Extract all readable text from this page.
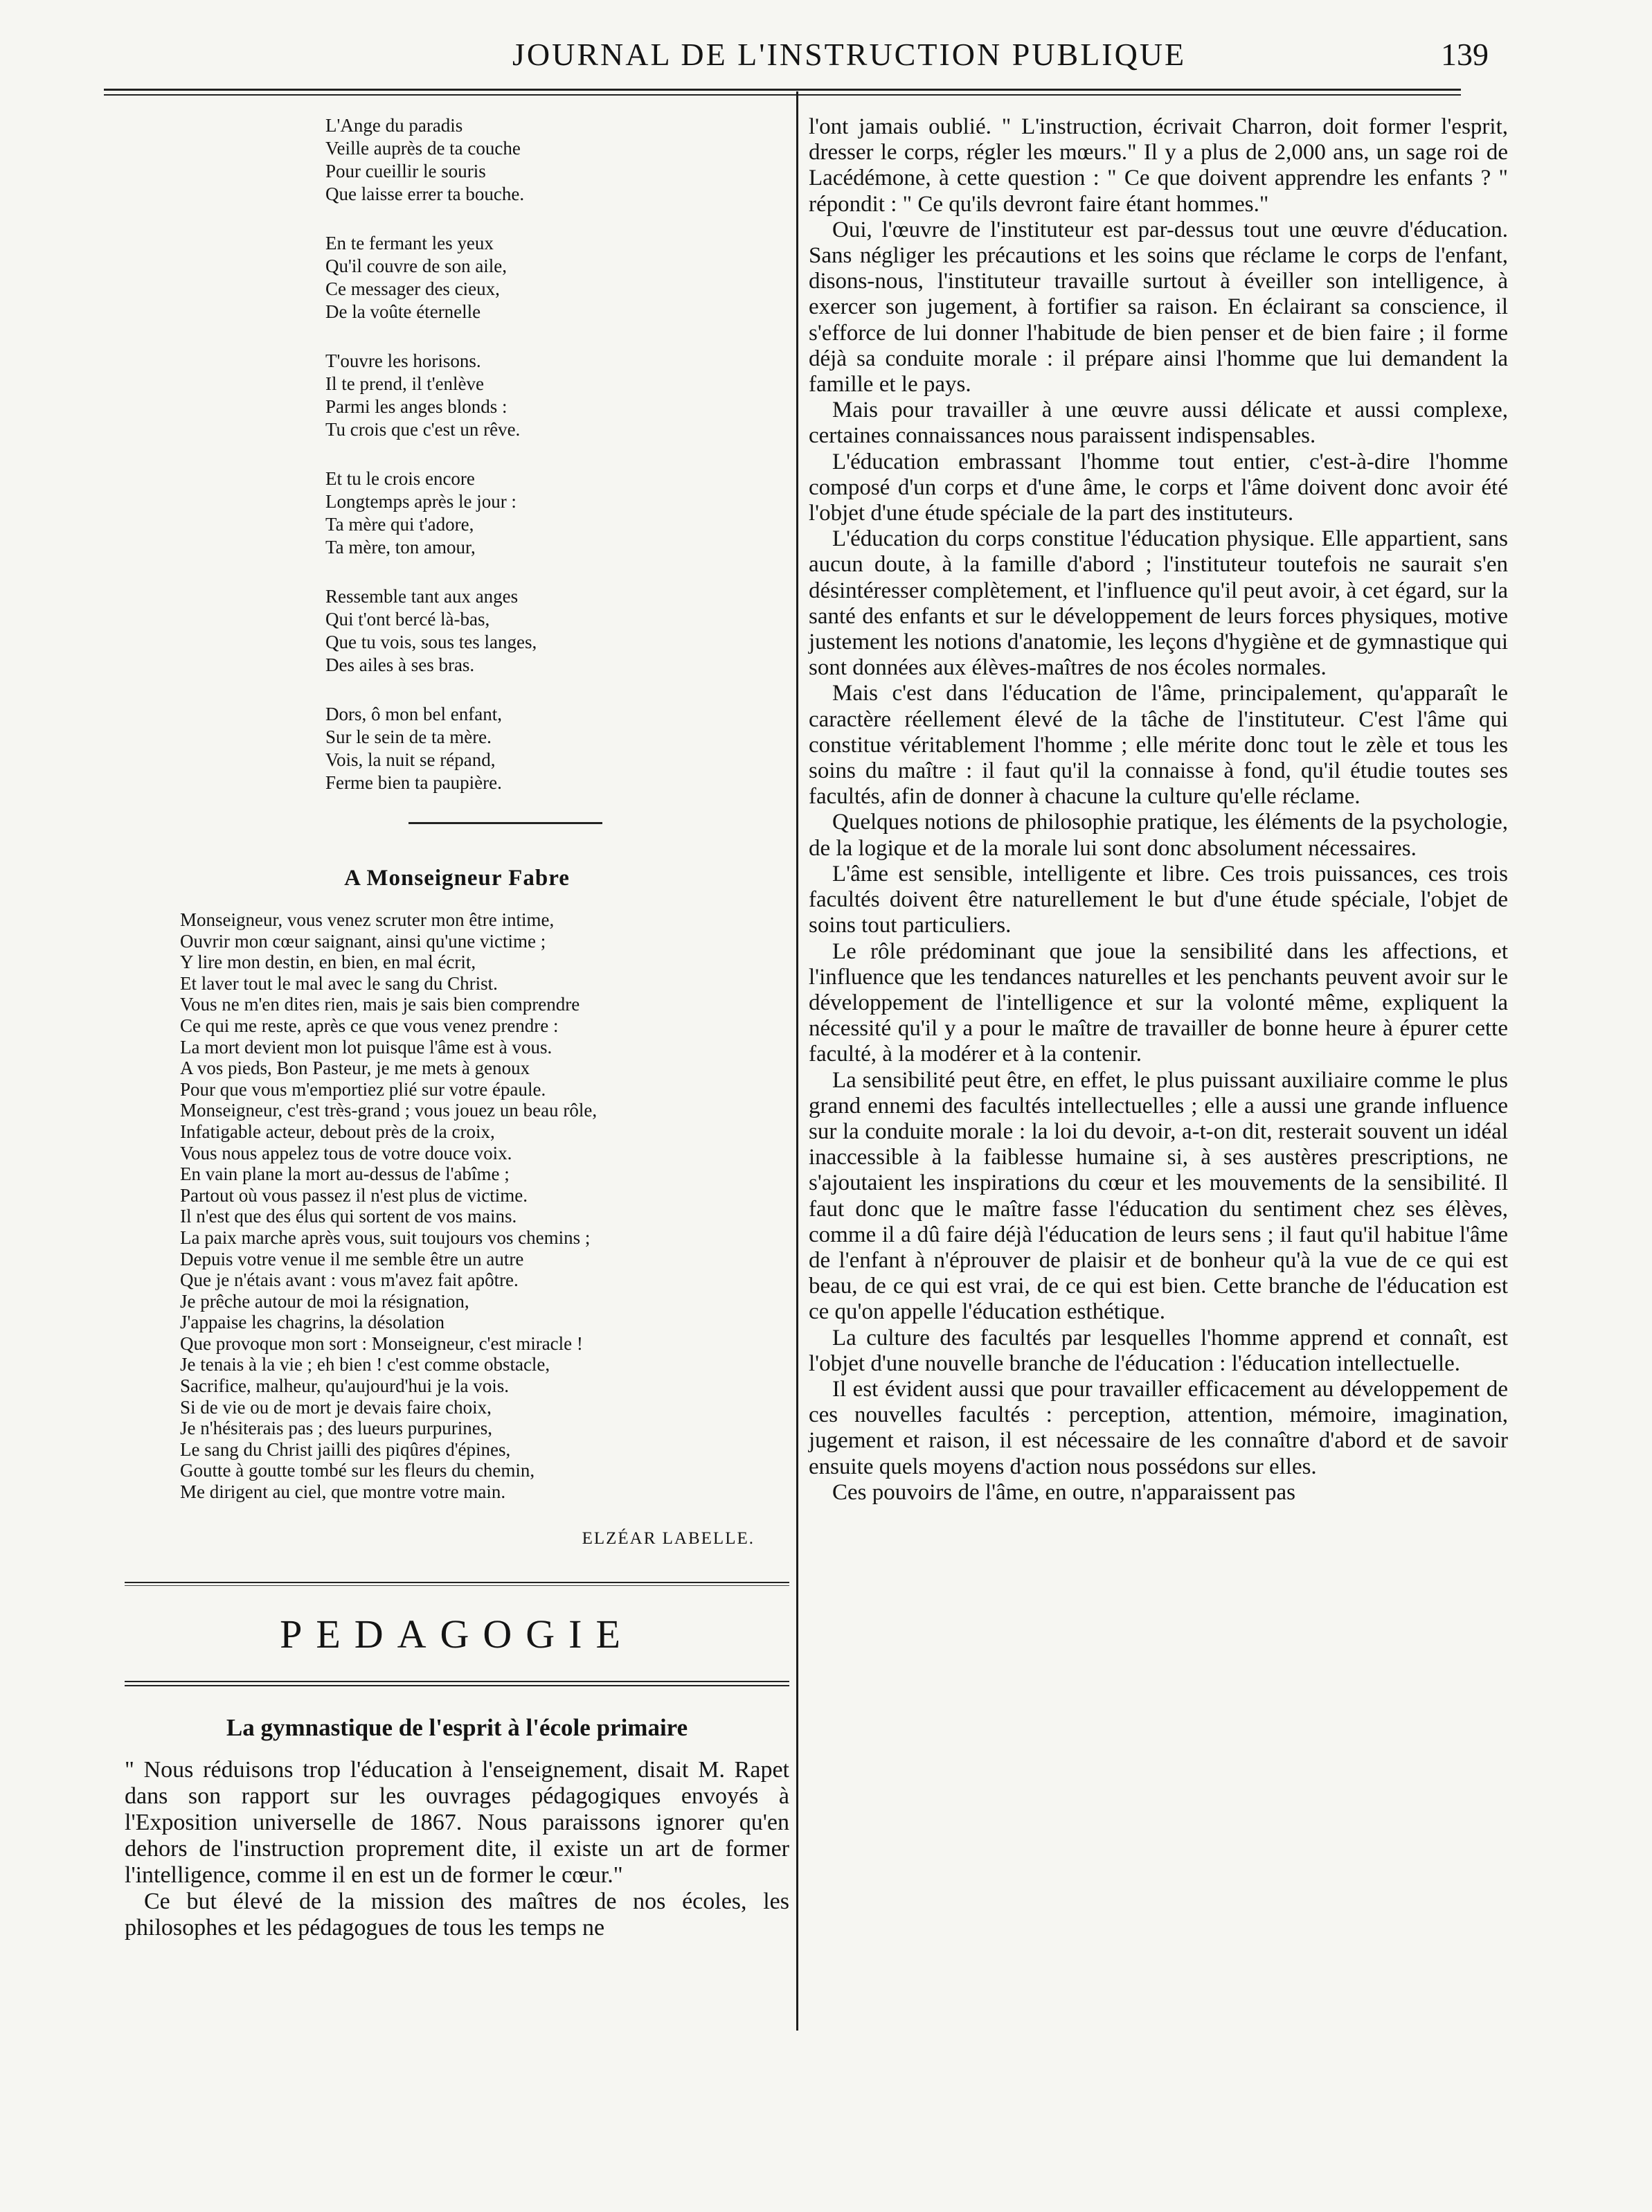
JOURNAL DE L'INSTRUCTION PUBLIQUE	139
L'Ange du paradis
Veille auprès de ta couche
Pour cueillir le souris
Que laisse errer ta bouche.
En te fermant les yeux
Qu'il couvre de son aile,
Ce messager des cieux,
De la voûte éternelle
T'ouvre les horisons.
Il te prend, il t'enlève
Parmi les anges blonds :
Tu crois que c'est un rêve.
Et tu le crois encore
Longtemps après le jour :
Ta mère qui t'adore,
Ta mère, ton amour,
Ressemble tant aux anges
Qui t'ont bercé là-bas,
Que tu vois, sous tes langes,
Des ailes à ses bras.
Dors, ô mon bel enfant,
Sur le sein de ta mère.
Vois, la nuit se répand,
Ferme bien ta paupière.
A Monseigneur Fabre
Monseigneur, vous venez scruter mon être intime,
Ouvrir mon cœur saignant, ainsi qu'une victime ;
Y lire mon destin, en bien, en mal écrit,
Et laver tout le mal avec le sang du Christ.
Vous ne m'en dites rien, mais je sais bien comprendre
Ce qui me reste, après ce que vous venez prendre :
La mort devient mon lot puisque l'âme est à vous.
A vos pieds, Bon Pasteur, je me mets à genoux
Pour que vous m'emportiez plié sur votre épaule.
Monseigneur, c'est très-grand ; vous jouez un beau rôle,
Infatigable acteur, debout près de la croix,
Vous nous appelez tous de votre douce voix.
En vain plane la mort au-dessus de l'abîme ;
Partout où vous passez il n'est plus de victime.
Il n'est que des élus qui sortent de vos mains.
La paix marche après vous, suit toujours vos chemins ;
Depuis votre venue il me semble être un autre
Que je n'étais avant : vous m'avez fait apôtre.
Je prêche autour de moi la résignation,
J'appaise les chagrins, la désolation
Que provoque mon sort : Monseigneur, c'est miracle !
Je tenais à la vie ; eh bien ! c'est comme obstacle,
Sacrifice, malheur, qu'aujourd'hui je la vois.
Si de vie ou de mort je devais faire choix,
Je n'hésiterais pas ; des lueurs purpurines,
Le sang du Christ jailli des piqûres d'épines,
Goutte à goutte tombé sur les fleurs du chemin,
Me dirigent au ciel, que montre votre main.
ELZÉAR LABELLE.
PEDAGOGIE
La gymnastique de l'esprit à l'école primaire

" Nous réduisons trop l'éducation à l'enseignement, disait M. Rapet dans son rapport sur les ouvrages pédagogiques envoyés à l'Exposition universelle de 1867. Nous paraissons ignorer qu'en dehors de l'instruction proprement dite, il existe un art de former l'intelligence, comme il en est un de former le cœur."

Ce but élevé de la mission des maîtres de nos écoles, les philosophes et les pédagogues de tous les temps ne

l'ont jamais oublié. " L'instruction, écrivait Charron, doit former l'esprit, dresser le corps, régler les mœurs." Il y a plus de 2,000 ans, un sage roi de Lacédémone, à cette question : " Ce que doivent apprendre les enfants ? " répondit : " Ce qu'ils devront faire étant hommes."

Oui, l'œuvre de l'instituteur est par-dessus tout une œuvre d'éducation. Sans négliger les précautions et les soins que réclame le corps de l'enfant, disons-nous, l'instituteur travaille surtout à éveiller son intelligence, à exercer son jugement, à fortifier sa raison. En éclairant sa conscience, il s'efforce de lui donner l'habitude de bien penser et de bien faire ; il forme déjà sa conduite morale : il prépare ainsi l'homme que lui demandent la famille et le pays.

Mais pour travailler à une œuvre aussi délicate et aussi complexe, certaines connaissances nous paraissent indispensables.

L'éducation embrassant l'homme tout entier, c'est-à-dire l'homme composé d'un corps et d'une âme, le corps et l'âme doivent donc avoir été l'objet d'une étude spéciale de la part des instituteurs.

L'éducation du corps constitue l'éducation physique. Elle appartient, sans aucun doute, à la famille d'abord ; l'instituteur toutefois ne saurait s'en désintéresser complètement, et l'influence qu'il peut avoir, à cet égard, sur la santé des enfants et sur le développement de leurs forces physiques, motive justement les notions d'anatomie, les leçons d'hygiène et de gymnastique qui sont données aux élèves-maîtres de nos écoles normales.

Mais c'est dans l'éducation de l'âme, principalement, qu'apparaît le caractère réellement élevé de la tâche de l'instituteur. C'est l'âme qui constitue véritablement l'homme ; elle mérite donc tout le zèle et tous les soins du maître : il faut qu'il la connaisse à fond, qu'il étudie toutes ses facultés, afin de donner à chacune la culture qu'elle réclame.

Quelques notions de philosophie pratique, les éléments de la psychologie, de la logique et de la morale lui sont donc absolument nécessaires.

L'âme est sensible, intelligente et libre. Ces trois puissances, ces trois facultés doivent être naturellement le but d'une étude spéciale, l'objet de soins tout particuliers.

Le rôle prédominant que joue la sensibilité dans les affections, et l'influence que les tendances naturelles et les penchants peuvent avoir sur le développement de l'intelligence et sur la volonté même, expliquent la nécessité qu'il y a pour le maître de travailler de bonne heure à épurer cette faculté, à la modérer et à la contenir.

La sensibilité peut être, en effet, le plus puissant auxiliaire comme le plus grand ennemi des facultés intellectuelles ; elle a aussi une grande influence sur la conduite morale : la loi du devoir, a-t-on dit, resterait souvent un idéal inaccessible à la faiblesse humaine si, à ses austères prescriptions, ne s'ajoutaient les inspirations du cœur et les mouvements de la sensibilité. Il faut donc que le maître fasse l'éducation du sentiment chez ses élèves, comme il a dû faire déjà l'éducation de leurs sens ; il faut qu'il habitue l'âme de l'enfant à n'éprouver de plaisir et de bonheur qu'à la vue de ce qui est beau, de ce qui est vrai, de ce qui est bien. Cette branche de l'éducation est ce qu'on appelle l'éducation esthétique.

La culture des facultés par lesquelles l'homme apprend et connaît, est l'objet d'une nouvelle branche de l'éducation : l'éducation intellectuelle.

Il est évident aussi que pour travailler efficacement au développement de ces nouvelles facultés : perception, attention, mémoire, imagination, jugement et raison, il est nécessaire de les connaître d'abord et de savoir ensuite quels moyens d'action nous possédons sur elles.

Ces pouvoirs de l'âme, en outre, n'apparaissent pas
